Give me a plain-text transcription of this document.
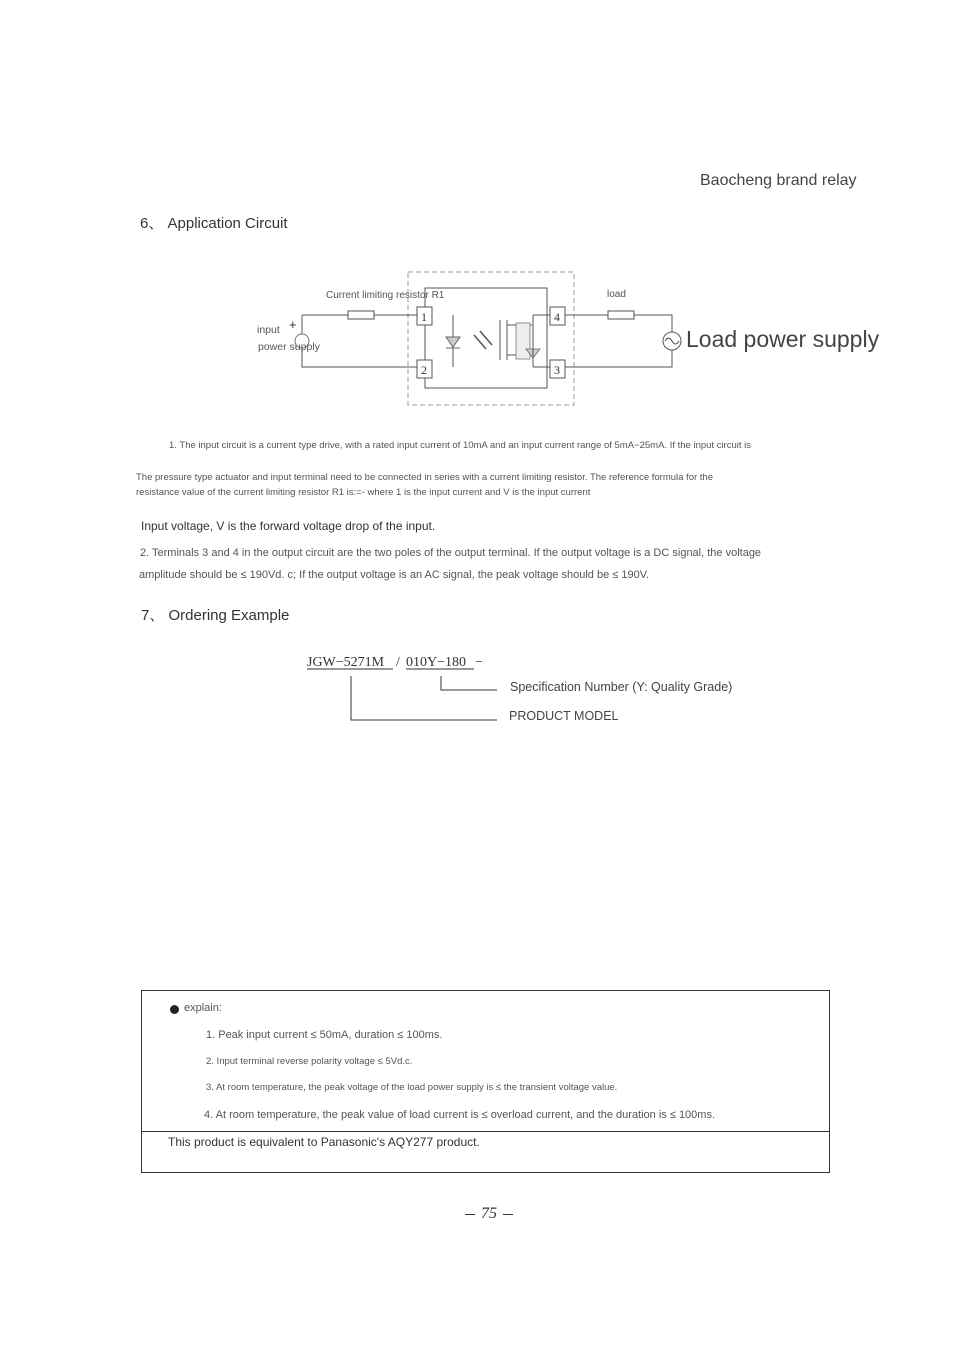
Baocheng brand relay
6、 Application Circuit
1
2
4
3
Current limiting resistor R1	load
input +
power supply	Load power supply
1. The input circuit is a current type drive, with a rated input current of 10mA and an input current range of 5mA~25mA. If the input circuit is
The pressure type actuator and input terminal need to be connected in series with a current limiting resistor. The reference formula for the
resistance value of the current limiting resistor R1 is:=- where 1 is the input current and V is the input current
Input voltage, V is the forward voltage drop of the input.
2. Terminals 3 and 4 in the output circuit are the two poles of the output terminal. If the output voltage is a DC signal, the voltage
amplitude should be ≤ 190Vd. c; If the output voltage is an AC signal, the peak voltage should be ≤ 190V.
7、 Ordering Example
JGW−5271M / 010Y−180 −
Specification Number (Y: Quality Grade)
PRODUCT MODEL
explain:
1. Peak input current ≤ 50mA, duration ≤ 100ms.
2. Input terminal reverse polarity voltage ≤ 5Vd.c.
3. At room temperature, the peak voltage of the load power supply is ≤ the transient voltage value.
4. At room temperature, the peak value of load current is ≤ overload current, and the duration is ≤ 100ms.
This product is equivalent to Panasonic's AQY277 product.
75
